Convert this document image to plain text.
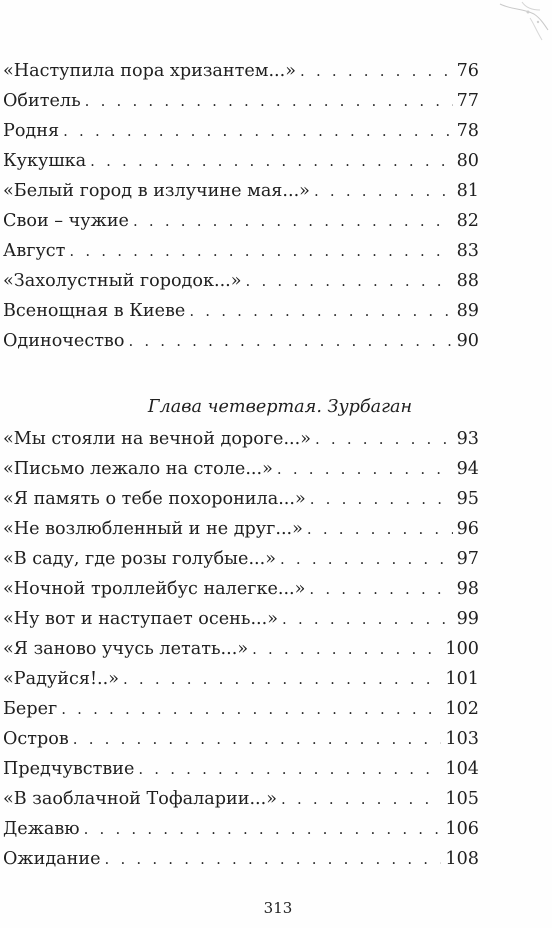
«Наступила пора хризантем...» . . .	76
Обитель . . .	77
Родня . . .	78
Кукушка . . .	80
«Белый город в излучине мая...» . . .	81
Свои – чужие . . .	82
Август . . .	83
«Захолустный городок...» . . .	88
Всенощная в Киеве . . .	89
Одиночество . . .	90
Глава четвертая. Зурбаган
«Мы стояли на вечной дороге...» . . .	93
«Письмо лежало на столе...» . . .	94
«Я память о тебе похоронила...» . . .	95
«Не возлюбленный и не друг...» . . .	96
«В саду, где розы голубые...» . . .	97
«Ночной троллейбус налегке...» . . .	98
«Ну вот и наступает осень...» . . .	99
«Я заново учусь летать...» . . .	100
«Радуйся!..» . . .	101
Берег . . .	102
Остров . . .	103
Предчувствие . . .	104
«В заоблачной Тофаларии...» . . .	105
Дежавю . . .	106
Ожидание . . .	108
313
